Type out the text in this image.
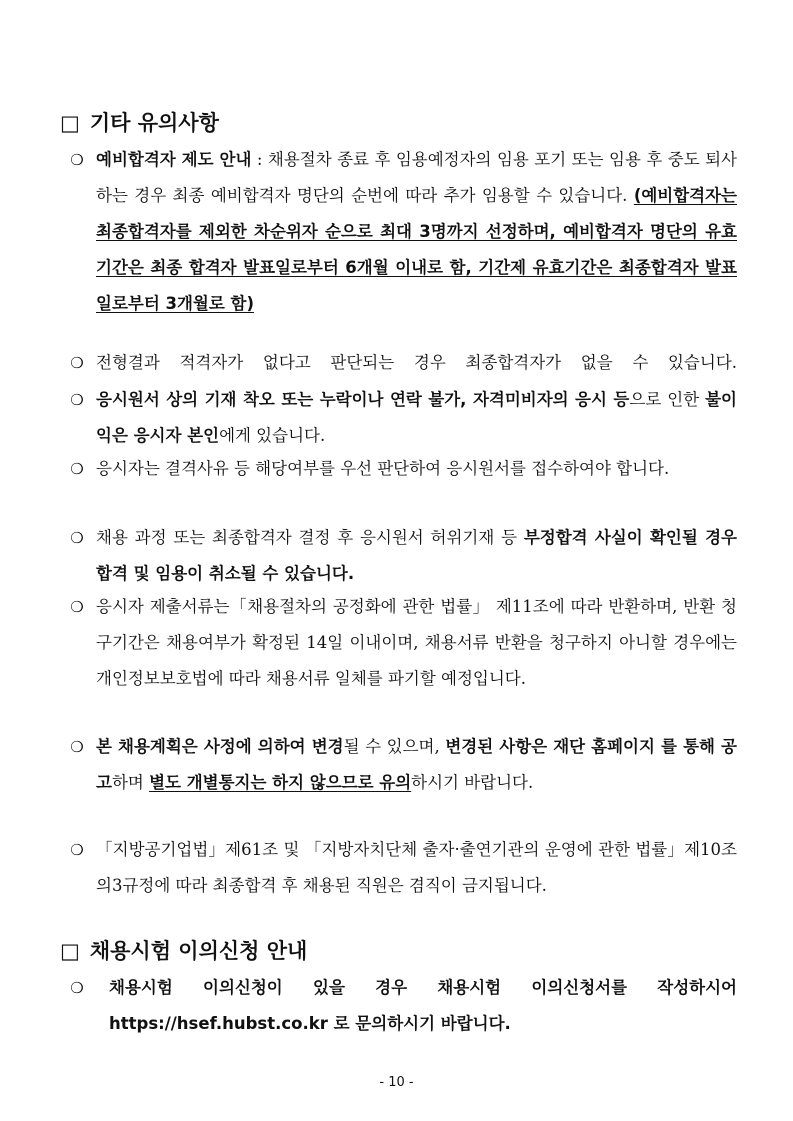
□ 기타 유의사항
❍ 예비합격자 제도 안내 : 채용절차 종료 후 임용예정자의 임용 포기 또는 임용 후 중도 퇴사하는 경우 최종 예비합격자 명단의 순번에 따라 추가 임용할 수 있습니다. (예비합격자는 최종합격자를 제외한 차순위자 순으로 최대 3명까지 선정하며, 예비합격자 명단의 유효기간은 최종 합격자 발표일로부터 6개월 이내로 함, 기간제 유효기간은 최종합격자 발표일로부터 3개월로 함)
❍ 전형결과 적격자가 없다고 판단되는 경우 최종합격자가 없을 수 있습니다.
❍ 응시원서 상의 기재 착오 또는 누락이나 연락 불가, 자격미비자의 응시 등으로 인한 불이익은 응시자 본인에게 있습니다.
❍ 응시자는 결격사유 등 해당여부를 우선 판단하여 응시원서를 접수하여야 합니다.
❍ 채용 과정 또는 최종합격자 결정 후 응시원서 허위기재 등 부정합격 사실이 확인될 경우 합격 및 임용이 취소될 수 있습니다.
❍ 응시자 제출서류는「채용절차의 공정화에 관한 법률」 제11조에 따라 반환하며, 반환 청구기간은 채용여부가 확정된 14일 이내이며, 채용서류 반환을 청구하지 아니할 경우에는 개인정보보호법에 따라 채용서류 일체를 파기할 예정입니다.
❍ 본 채용계획은 사정에 의하여 변경될 수 있으며, 변경된 사항은 재단 홈페이지 를 통해 공고하며 별도 개별통지는 하지 않으므로 유의하시기 바랍니다.
❍ 「지방공기업법」제61조 및 「지방자치단체 출자·출연기관의 운영에 관한 법률」제10조의3규정에 따라 최종합격 후 채용된 직원은 겸직이 금지됩니다.
□ 채용시험 이의신청 안내
❍	채용시험 이의신청이 있을 경우 채용시험 이의신청서를 작성하시어 https://hsef.hubst.co.kr 로 문의하시기 바랍니다.
- 10 -
